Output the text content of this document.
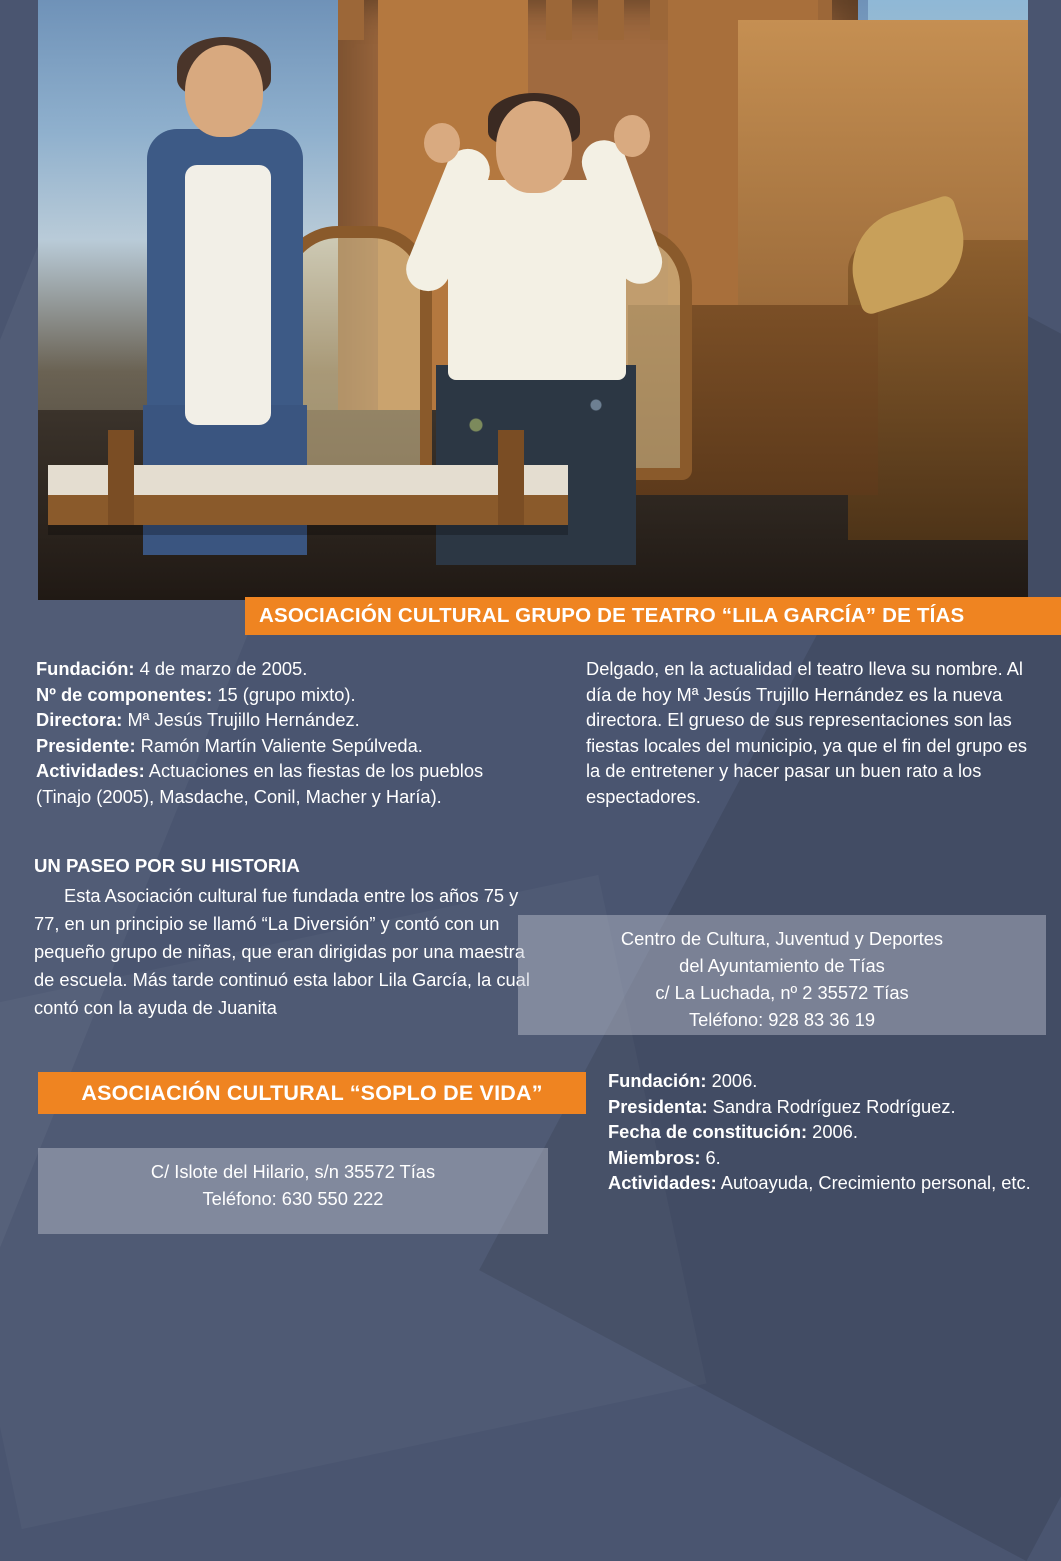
ASOCIACIÓN CULTURAL GRUPO DE TEATRO “LILA GARCÍA” DE TÍAS
Fundación: 4 de marzo de 2005.
Nº de componentes: 15 (grupo mixto).
Directora: Mª Jesús Trujillo Hernández.
Presidente: Ramón Martín Valiente Sepúlveda.
Actividades: Actuaciones en las fiestas de los pueblos (Tinajo (2005), Masdache, Conil, Macher y Haría).
Delgado, en la actualidad el teatro lleva su nombre. Al día de hoy Mª Jesús Trujillo Hernández es la nueva directora. El grueso de sus representaciones son las fiestas locales del municipio, ya que el fin del grupo es la de entretener y hacer pasar un buen rato a los espectadores.
UN PASEO POR SU HISTORIA
Esta Asociación cultural fue fundada entre los años 75 y 77, en un principio se llamó “La Diversión” y contó con un pequeño grupo de niñas, que eran dirigidas por una maestra de escuela. Más tarde continuó esta labor Lila García, la cual contó con la ayuda de Juanita
Centro de Cultura, Juventud y Deportes
del Ayuntamiento de Tías
c/ La Luchada, nº 2 35572 Tías
Teléfono: 928 83 36 19
ASOCIACIÓN CULTURAL “SOPLO DE VIDA”
C/ Islote del Hilario, s/n 35572 Tías
Teléfono: 630 550 222
Fundación: 2006.
Presidenta: Sandra Rodríguez Rodríguez.
Fecha de constitución: 2006.
Miembros: 6.
Actividades: Autoayuda, Crecimiento personal, etc.
